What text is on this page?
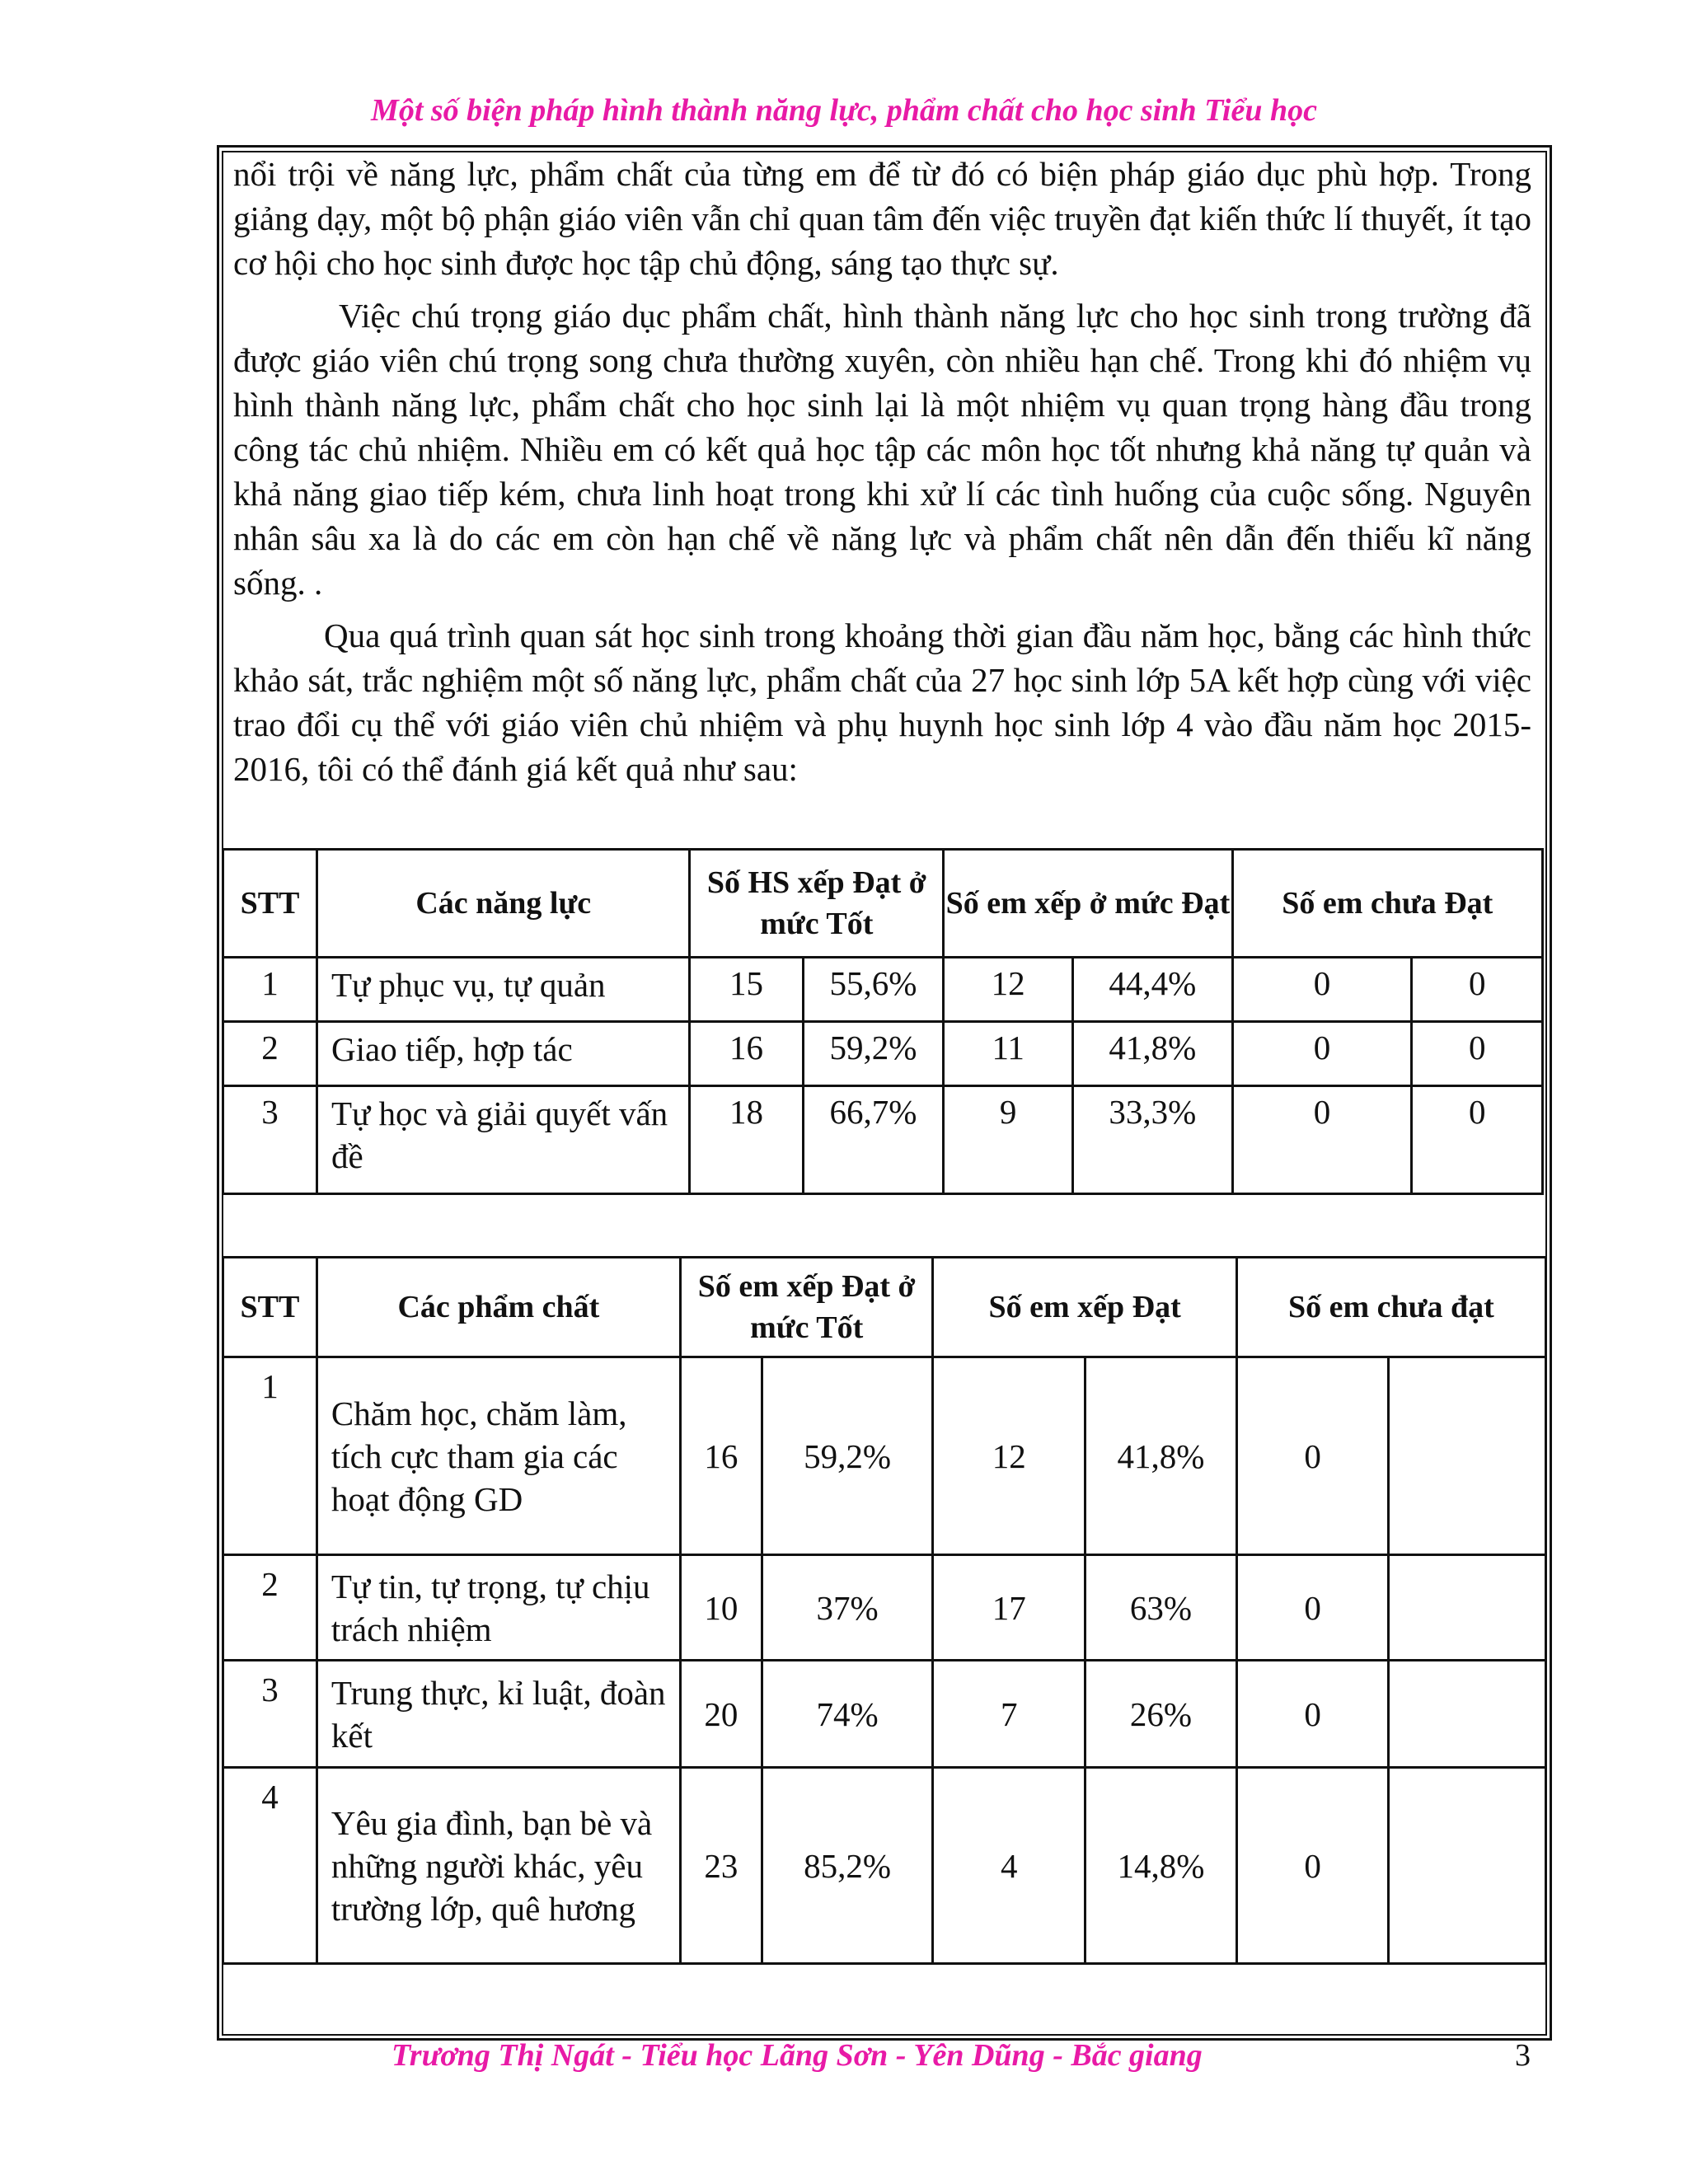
Một số biện pháp hình thành năng lực, phẩm chất cho học sinh Tiểu học

nổi trội về năng lực, phẩm chất của từng em để từ đó có biện pháp giáo dục phù hợp. Trong giảng dạy, một bộ phận giáo viên vẫn chỉ quan tâm đến việc truyền đạt kiến thức lí thuyết, ít tạo cơ hội cho học sinh được học tập chủ động, sáng tạo thực sự.

Việc chú trọng giáo dục phẩm chất, hình thành năng lực cho học sinh trong trường đã được giáo viên chú trọng song chưa thường xuyên, còn nhiều hạn chế. Trong khi đó nhiệm vụ hình thành năng lực, phẩm chất cho học sinh lại là một nhiệm vụ quan trọng hàng đầu trong công tác chủ nhiệm. Nhiều em có kết quả học tập các môn học tốt nhưng khả năng tự quản và khả năng giao tiếp kém, chưa linh hoạt trong khi xử lí các tình huống của cuộc sống. Nguyên nhân sâu xa là do các em còn hạn chế về năng lực và phẩm chất nên dẫn đến thiếu kĩ năng sống. .

Qua quá trình quan sát học sinh trong khoảng thời gian đầu năm học, bằng các hình thức khảo sát, trắc nghiệm một số năng lực, phẩm chất của 27 học sinh lớp 5A kết hợp cùng với việc trao đổi cụ thể với giáo viên chủ nhiệm và phụ huynh học sinh lớp 4 vào đầu năm học 2015-2016, tôi có thể đánh giá kết quả như sau:

STT	Các năng lực	Số HS xếp Đạt ở mức Tốt		Số em xếp ở mức Đạt		Số em chưa Đạt	
1	Tự phục vụ, tự quản	15	55,6%	12	44,4%	0	0
2	Giao tiếp, hợp tác	16	59,2%	11	41,8%	0	0
3	Tự học và giải quyết vấn đề	18	66,7%	9	33,3%	0	0
STT	Các phẩm chất	Số em xếp Đạt ở mức Tốt		Số em xếp Đạt		Số em chưa đạt	
1	Chăm học, chăm làm, tích cực tham gia các hoạt động GD	16	59,2%	12	41,8%	0	
2	Tự tin, tự trọng, tự chịu trách nhiệm	10	37%	17	63%	0	
3	Trung thực, kỉ luật, đoàn kết	20	74%	7	26%	0	
4	Yêu gia đình, bạn bè và những người khác, yêu trường lớp, quê hương	23	85,2%	4	14,8%	0	
Trương Thị Ngát - Tiểu học Lãng Sơn - Yên Dũng - Bắc giang	3
